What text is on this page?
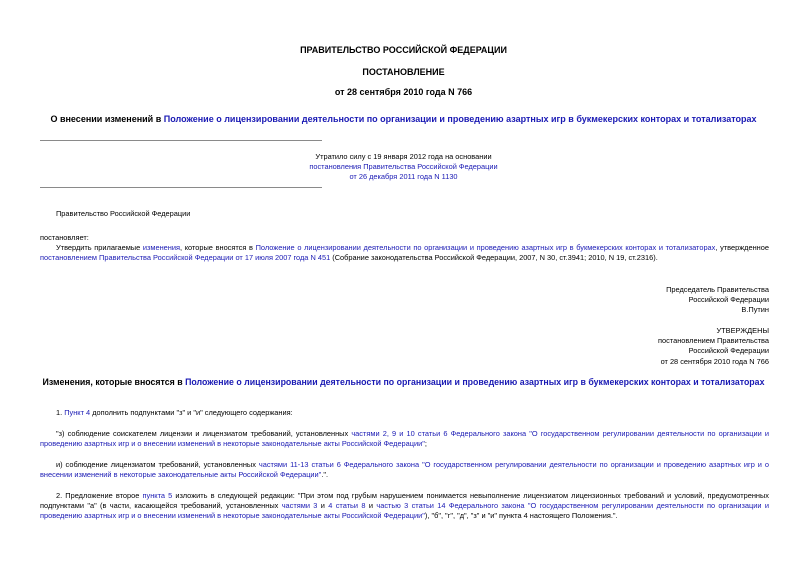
ПРАВИТЕЛЬСТВО РОССИЙСКОЙ ФЕДЕРАЦИИ
ПОСТАНОВЛЕНИЕ
от 28 сентября 2010 года N 766
О внесении изменений в Положение о лицензировании деятельности по организации и проведению азартных игр в букмекерских конторах и тотализаторах
Утратило силу с 19 января 2012 года на основании
постановления Правительства Российской Федерации
от 26 декабря 2011 года N 1130
Правительство Российской Федерации
постановляет:
Утвердить прилагаемые изменения, которые вносятся в Положение о лицензировании деятельности по организации и проведению азартных игр в букмекерских конторах и тотализаторах, утвержденное постановлением Правительства Российской Федерации от 17 июля 2007 года N 451 (Собрание законодательства Российской Федерации, 2007, N 30, ст.3941; 2010, N 19, ст.2316).
Председатель Правительства
Российской Федерации
В.Путин
УТВЕРЖДЕНЫ
постановлением Правительства
Российской Федерации
от 28 сентября 2010 года N 766
Изменения, которые вносятся в Положение о лицензировании деятельности по организации и проведению азартных игр в букмекерских конторах и тотализаторах
1. Пункт 4 дополнить подпунктами "з" и "и" следующего содержания:
"з) соблюдение соискателем лицензии и лицензиатом требований, установленных частями 2, 9 и 10 статьи 6 Федерального закона "О государственном регулировании деятельности по организации и проведению азартных игр и о внесении изменений в некоторые законодательные акты Российской Федерации";
и) соблюдение лицензиатом требований, установленных частями 11-13 статьи 6 Федерального закона "О государственном регулировании деятельности по организации и проведению азартных игр и о внесении изменений в некоторые законодательные акты Российской Федерации".".
2. Предложение второе пункта 5 изложить в следующей редакции: "При этом под грубым нарушением понимается невыполнение лицензиатом лицензионных требований и условий, предусмотренных подпунктами "а" (в части, касающейся требований, установленных частями 3 и 4 статьи 8 и частью 3 статьи 14 Федерального закона "О государственном регулировании деятельности по организации и проведению азартных игр и о внесении изменений в некоторые законодательные акты Российской Федерации"), "б", "г", "д", "з" и "и" пункта 4 настоящего Положения.".
